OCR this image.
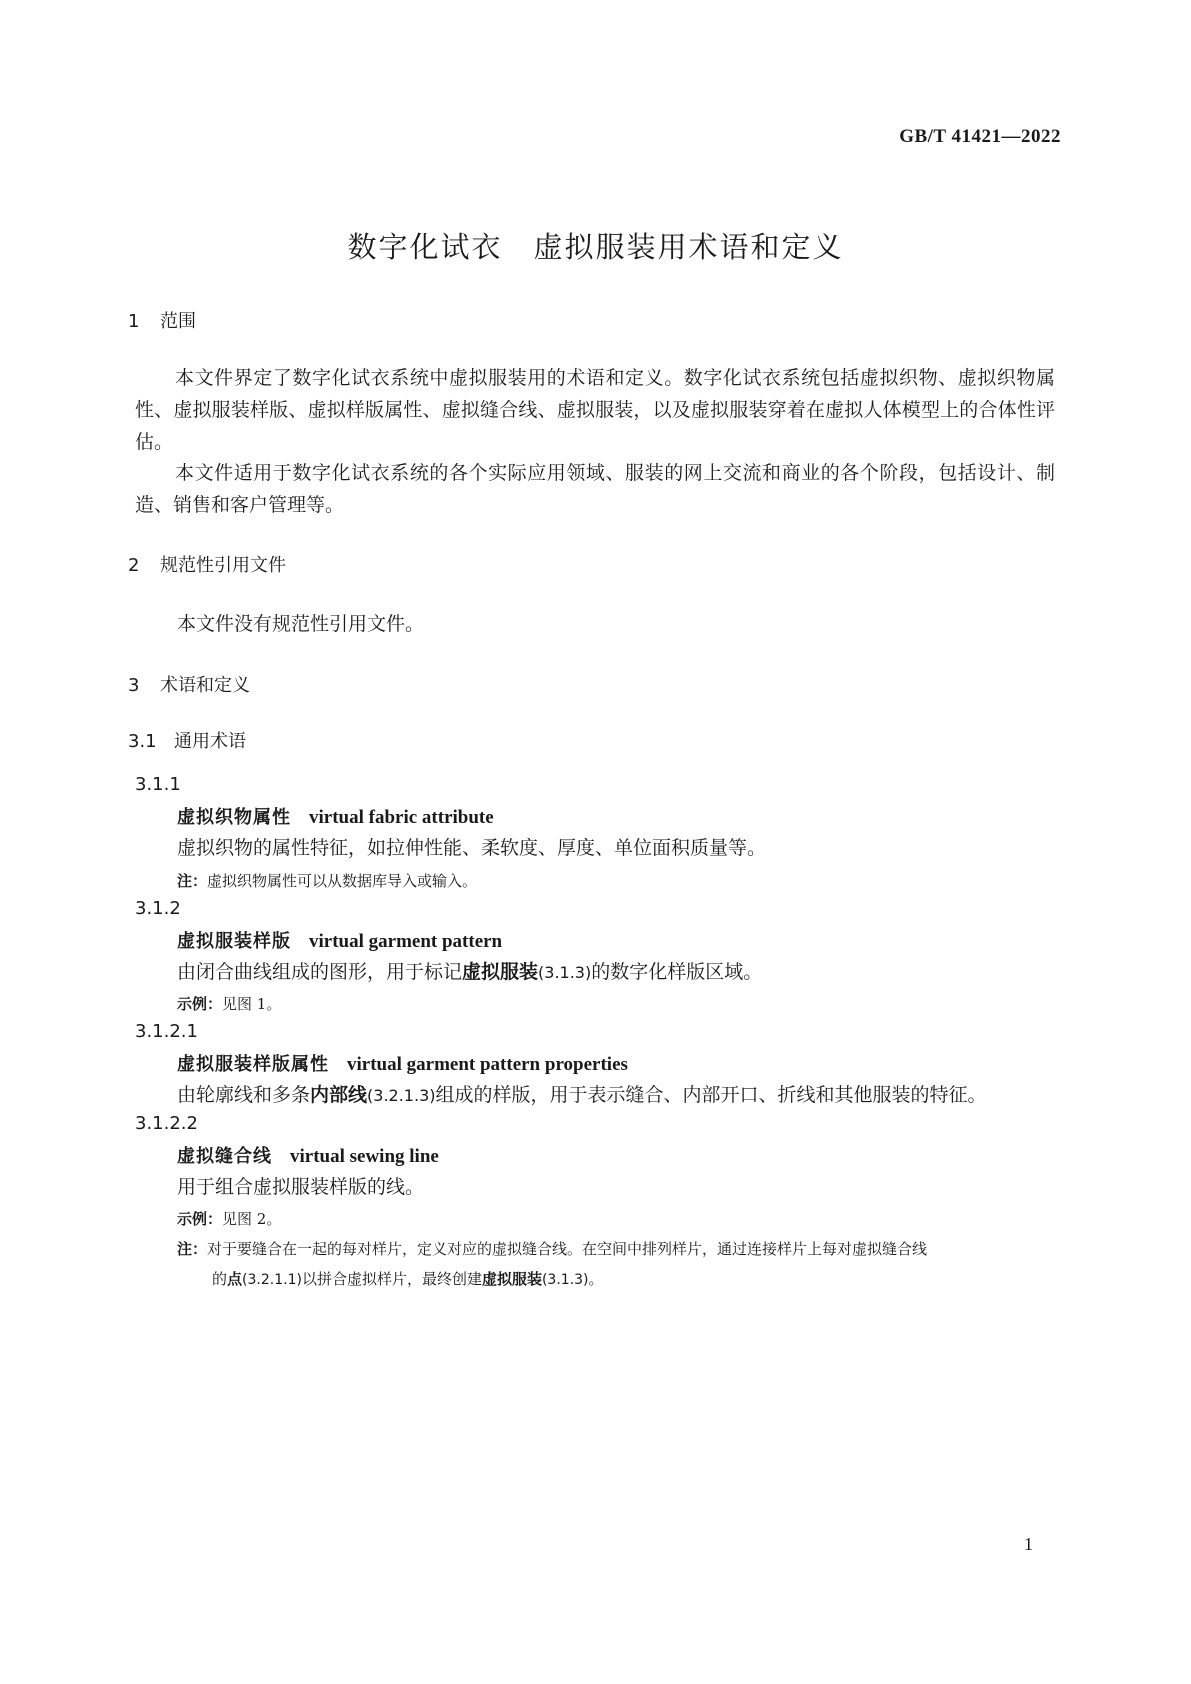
GB/T 41421—2022
数字化试衣　虚拟服装用术语和定义
1 范围
本文件界定了数字化试衣系统中虚拟服装用的术语和定义。数字化试衣系统包括虚拟织物、虚拟织物属性、虚拟服装样版、虚拟样版属性、虚拟缝合线、虚拟服装，以及虚拟服装穿着在虚拟人体模型上的合体性评估。
本文件适用于数字化试衣系统的各个实际应用领域、服装的网上交流和商业的各个阶段，包括设计、制造、销售和客户管理等。
2 规范性引用文件
本文件没有规范性引用文件。
3 术语和定义
3.1 通用术语
3.1.1
虚拟织物属性 virtual fabric attribute
虚拟织物的属性特征，如拉伸性能、柔软度、厚度、单位面积质量等。
注：虚拟织物属性可以从数据库导入或输入。
3.1.2
虚拟服装样版 virtual garment pattern
由闭合曲线组成的图形，用于标记虚拟服装(3.1.3)的数字化样版区域。
示例：见图 1。
3.1.2.1
虚拟服装样版属性 virtual garment pattern properties
由轮廓线和多条内部线(3.2.1.3)组成的样版，用于表示缝合、内部开口、折线和其他服装的特征。
3.1.2.2
虚拟缝合线 virtual sewing line
用于组合虚拟服装样版的线。
示例：见图 2。
注：对于要缝合在一起的每对样片，定义对应的虚拟缝合线。在空间中排列样片，通过连接样片上每对虚拟缝合线
的点(3.2.1.1)以拼合虚拟样片，最终创建虚拟服装(3.1.3)。
1
